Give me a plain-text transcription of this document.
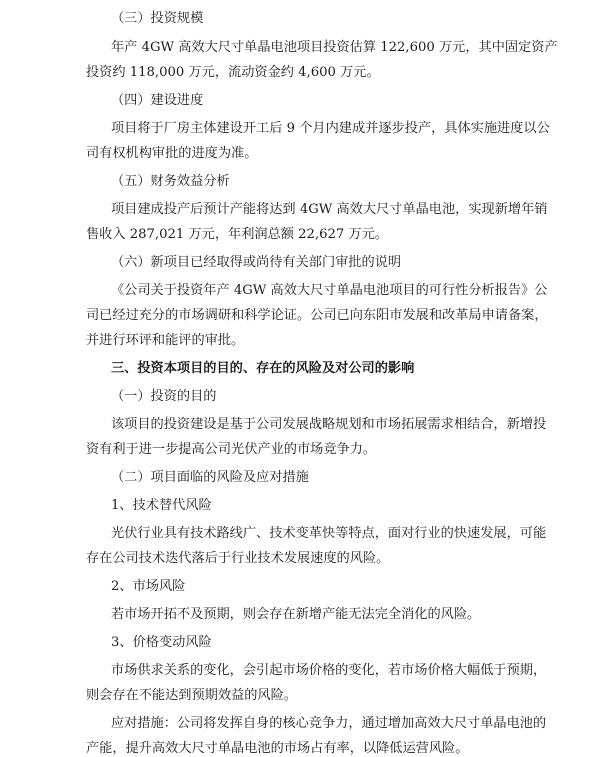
（三）投资规模

年产 4GW 高效大尺寸单晶电池项目投资估算 122,600 万元，其中固定资产

投资约 118,000 万元，流动资金约 4,600 万元。

（四）建设进度

项目将于厂房主体建设开工后 9 个月内建成并逐步投产，具体实施进度以公

司有权机构审批的进度为准。

（五）财务效益分析

项目建成投产后预计产能将达到 4GW 高效大尺寸单晶电池，实现新增年销

售收入 287,021 万元，年利润总额 22,627 万元。

（六）新项目已经取得或尚待有关部门审批的说明

《公司关于投资年产 4GW 高效大尺寸单晶电池项目的可行性分析报告》公

司已经过充分的市场调研和科学论证。公司已向东阳市发展和改革局申请备案，

并进行环评和能评的审批。

三、投资本项目的目的、存在的风险及对公司的影响

（一）投资的目的

该项目的投资建设是基于公司发展战略规划和市场拓展需求相结合，新增投

资有利于进一步提高公司光伏产业的市场竞争力。

（二）项目面临的风险及应对措施

1、技术替代风险

光伏行业具有技术路线广、技术变革快等特点，面对行业的快速发展，可能

存在公司技术迭代落后于行业技术发展速度的风险。

2、市场风险

若市场开拓不及预期，则会存在新增产能无法完全消化的风险。

3、价格变动风险

市场供求关系的变化，会引起市场价格的变化，若市场价格大幅低于预期，

则会存在不能达到预期效益的风险。

应对措施：公司将发挥自身的核心竞争力，通过增加高效大尺寸单晶电池的

产能，提升高效大尺寸单晶电池的市场占有率，以降低运营风险。
